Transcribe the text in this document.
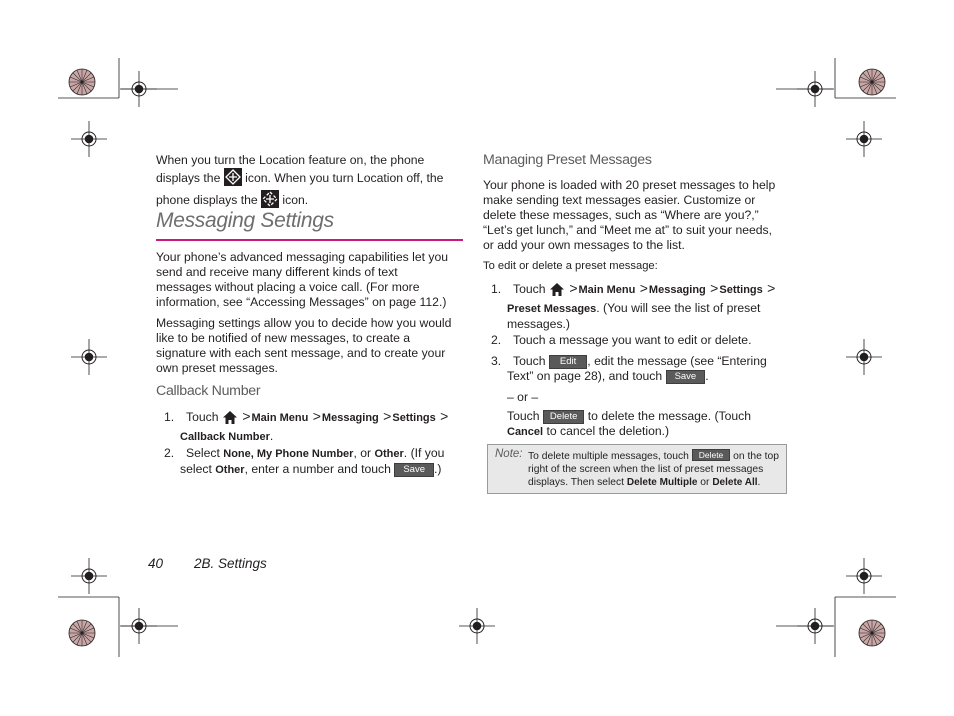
When you turn the Location feature on, the phone
displays the icon. When you turn Location off, the
phone displays the icon.
Messaging Settings
Your phone’s advanced messaging capabilities let you
send and receive many different kinds of text
messages without placing a voice call. (For more
information, see “Accessing Messages” on page 112.)
Messaging settings allow you to decide how you would
like to be notified of new messages, to create a
signature with each sent message, and to create your
own preset messages.
Callback Number
1. Touch >Main Menu >Messaging >Settings >
Callback Number.
2. Select None, My Phone Number, or Other. (If you
select Other, enter a number and touch Save .)
Managing Preset Messages
Your phone is loaded with 20 preset messages to help
make sending text messages easier. Customize or
delete these messages, such as “Where are you?,”
“Let’s get lunch,” and “Meet me at” to suit your needs,
or add your own messages to the list.
To edit or delete a preset message:
1. Touch >Main Menu >Messaging >Settings >
Preset Messages. (You will see the list of preset
messages.)
2. Touch a message you want to edit or delete.
3. Touch Edit , edit the message (see “Entering
Text” on page 28), and touch Save .
– or –
Touch Delete to delete the message. (Touch
Cancel to cancel the deletion.)
Note: To delete multiple messages, touch Delete on the top
right of the screen when the list of preset messages
displays. Then select Delete Multiple or Delete All.
40 2B. Settings
